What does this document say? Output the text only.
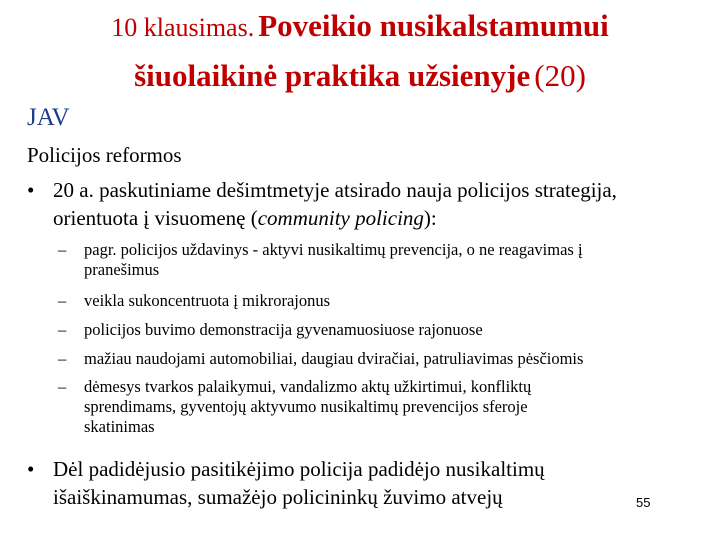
10 klausimas. Poveikio nusikalstamumui
šiuolaikinė praktika užsienyje (20)
JAV
Policijos reformos
• 20 a. paskutiniame dešimtmetyje atsirado nauja policijos strategija,
orientuota į visuomenę (community policing):
– pagr. policijos uždavinys - aktyvi nusikaltimų prevencija, o ne reagavimas į
pranešimus
– veikla sukoncentruota į mikrorajonus
– policijos buvimo demonstracija gyvenamuosiuose rajonuose
– mažiau naudojami automobiliai, daugiau dviračiai, patruliavimas pėsčiomis
– dėmesys tvarkos palaikymui, vandalizmo aktų užkirtimui, konfliktų
sprendimams, gyventojų aktyvumo nusikaltimų prevencijos sferoje
skatinimas
• Dėl padidėjusio pasitikėjimo policija padidėjo nusikaltimų
išaiškinamumas, sumažėjo policininkų žuvimo atvejų	55
